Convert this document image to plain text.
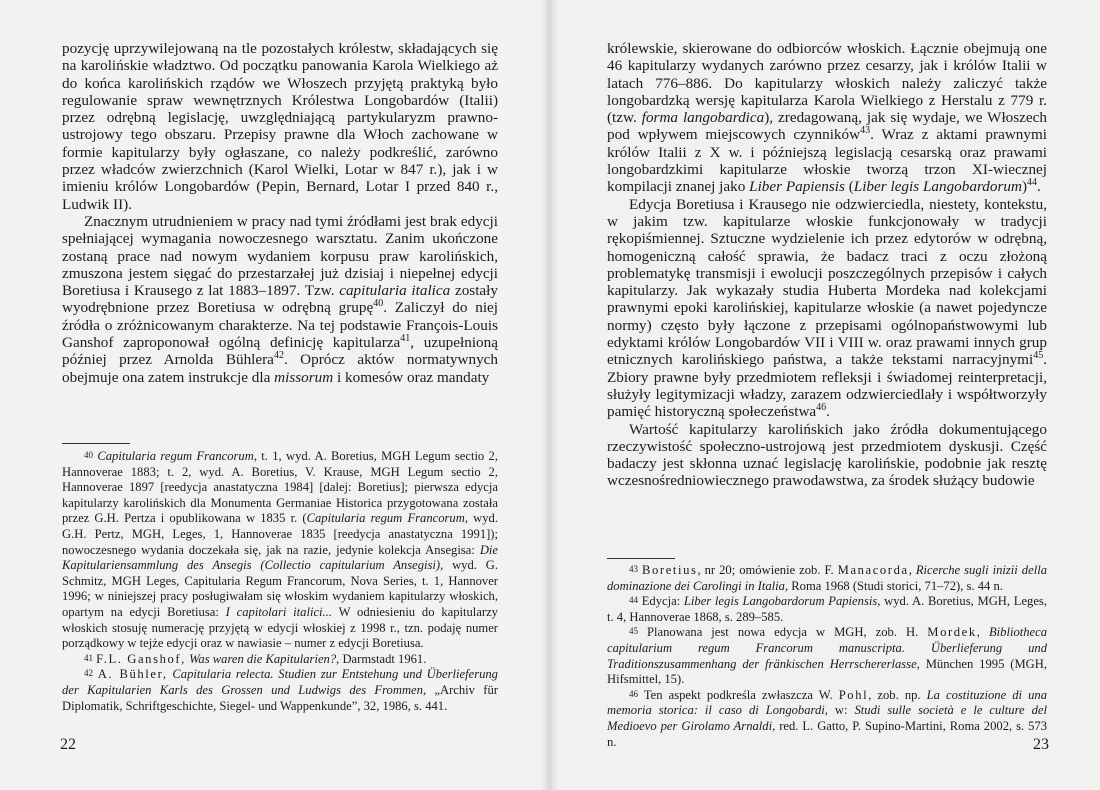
pozycję uprzywilejowaną na tle pozostałych królestw, składających się na karolińskie władztwo. Od początku panowania Karola Wielkiego aż do końca karolińskich rządów we Włoszech przyjętą praktyką było regulowanie spraw wewnętrznych Królestwa Longobardów (Italii) przez odrębną legislację, uwzględniającą partykularyzm prawno-ustrojowy tego obszaru. Przepisy prawne dla Włoch zachowane w formie kapitularzy były ogłaszane, co należy podkreślić, zarówno przez władców zwierzchnich (Karol Wielki, Lotar w 847 r.), jak i w imieniu królów Longobardów (Pepin, Bernard, Lotar I przed 840 r., Ludwik II).

Znacznym utrudnieniem w pracy nad tymi źródłami jest brak edycji spełniającej wymagania nowoczesnego warsztatu. Zanim ukończone zostaną prace nad nowym wydaniem korpusu praw karolińskich, zmuszona jestem sięgać do przestarzałej już dzisiaj i niepełnej edycji Boretiusa i Krausego z lat 1883–1897. Tzw. capitularia italica zostały wyodrębnione przez Boretiusa w odrębną grupę$^{40}$. Zaliczył do niej źródła o zróżnicowanym charakterze. Na tej podstawie François-Louis Ganshof zaproponował ogólną definicję kapitularza$^{41}$, uzupełnioną później przez Arnolda Bühlera$^{42}$. Oprócz aktów normatywnych obejmuje ona zatem instrukcje dla missorum i komesów oraz mandaty

$^{40}$ Capitularia regum Francorum, t. 1, wyd. A. Boretius, MGH Legum sectio 2, Hannoverae 1883; t. 2, wyd. A. Boretius, V. Krause, MGH Legum sectio 2, Hannoverae 1897 [reedycja anastatyczna 1984] [dalej: Boretius]; pierwsza edycja kapitularzy karolińskich dla Monumenta Germaniae Historica przygotowana została przez G.H. Pertza i opublikowana w 1835 r. (Capitularia regum Francorum, wyd. G.H. Pertz, MGH, Leges, 1, Hannoverae 1835 [reedycja anastatyczna 1991]); nowoczesnego wydania doczekała się, jak na razie, jedynie kolekcja Ansegisa: Die Kapitulariensammlung des Ansegis (Collectio capitularium Ansegisi), wyd. G. Schmitz, MGH Leges, Capitularia Regum Francorum, Nova Series, t. 1, Hannover 1996; w niniejszej pracy posługiwałam się włoskim wydaniem kapitularzy włoskich, opartym na edycji Boretiusa: I capitolari italici... W odniesieniu do kapitularzy włoskich stosuję numerację przyjętą w edycji włoskiej z 1998 r., tzn. podaję numer porządkowy w tejże edycji oraz w nawiasie – numer z edycji Boretiusa.

$^{41}$ F.L. Ganshof, Was waren die Kapitularien?, Darmstadt 1961.

$^{42}$ A. Bühler, Capitularia relecta. Studien zur Entstehung und Überlieferung der Kapitularien Karls des Grossen und Ludwigs des Frommen, „Archiv für Diplomatik, Schriftgeschichte, Siegel- und Wappenkunde”, 32, 1986, s. 441.

22

królewskie, skierowane do odbiorców włoskich. Łącznie obejmują one 46 kapitularzy wydanych zarówno przez cesarzy, jak i królów Italii w latach 776–886. Do kapitularzy włoskich należy zaliczyć także longobardzką wersję kapitularza Karola Wielkiego z Herstalu z 779 r. (tzw. forma langobardica), zredagowaną, jak się wydaje, we Włoszech pod wpływem miejscowych czynników$^{43}$. Wraz z aktami prawnymi królów Italii z X w. i późniejszą legislacją cesarską oraz prawami longobardzkimi kapitularze włoskie tworzą trzon XI-wiecznej kompilacji znanej jako Liber Papiensis (Liber legis Langobardorum)$^{44}$.

Edycja Boretiusa i Krausego nie odzwierciedla, niestety, kontekstu, w jakim tzw. kapitularze włoskie funkcjonowały w tradycji rękopiśmiennej. Sztuczne wydzielenie ich przez edytorów w odrębną, homogeniczną całość sprawia, że badacz traci z oczu złożoną problematykę transmisji i ewolucji poszczególnych przepisów i całych kapitularzy. Jak wykazały studia Huberta Mordeka nad kolekcjami prawnymi epoki karolińskiej, kapitularze włoskie (a nawet pojedyncze normy) często były łączone z przepisami ogólnopaństwowymi lub edyktami królów Longobardów VII i VIII w. oraz prawami innych grup etnicznych karolińskiego państwa, a także tekstami narracyjnymi$^{45}$. Zbiory prawne były przedmiotem refleksji i świadomej reinterpretacji, służyły legitymizacji władzy, zarazem odzwierciedlały i współtworzyły pamięć historyczną społeczeństwa$^{46}$.

Wartość kapitularzy karolińskich jako źródła dokumentującego rzeczywistość społeczno-ustrojową jest przedmiotem dyskusji. Część badaczy jest skłonna uznać legislację karolińskie, podobnie jak resztę wczesnośredniowiecznego prawodawstwa, za środek służący budowie

$^{43}$ Boretius, nr 20; omówienie zob. F. Manacorda, Ricerche sugli inizii della dominazione dei Carolingi in Italia, Roma 1968 (Studi storici, 71–72), s. 44 n.

$^{44}$ Edycja: Liber legis Langobardorum Papiensis, wyd. A. Boretius, MGH, Leges, t. 4, Hannoverae 1868, s. 289–585.

$^{45}$ Planowana jest nowa edycja w MGH, zob. H. Mordek, Bibliotheca capitularium regum Francorum manuscripta. Überlieferung und Traditionszusammenhang der fränkischen Herrschererlasse, München 1995 (MGH, Hifsmittel, 15).

$^{46}$ Ten aspekt podkreśla zwłaszcza W. Pohl, zob. np. La costituzione di una memoria storica: il caso di Longobardi, w: Studi sulle società e le culture del Medioevo per Girolamo Arnaldi, red. L. Gatto, P. Supino-Martini, Roma 2002, s. 573 n.	23
